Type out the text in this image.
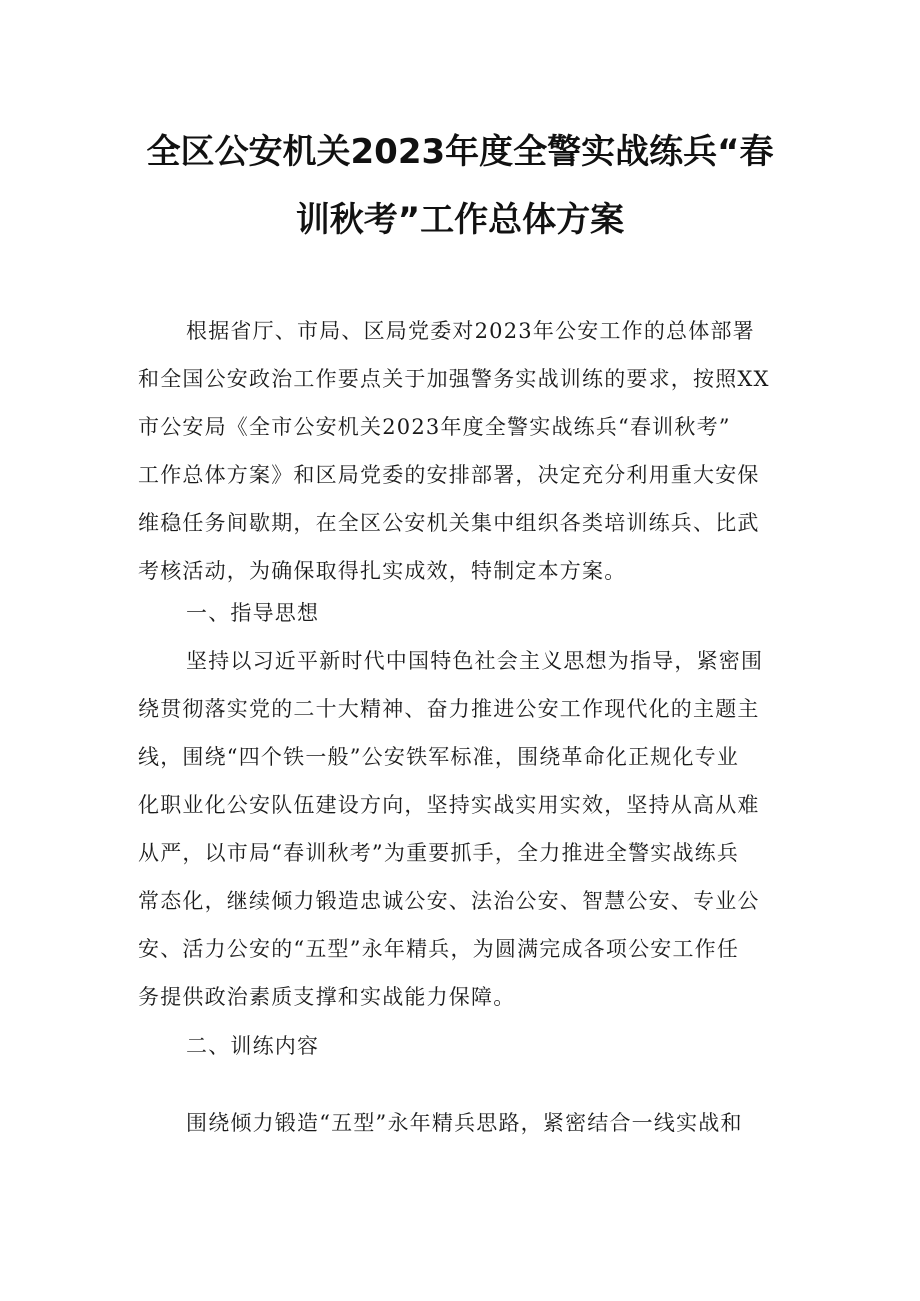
全区公安机关2023年度全警实战练兵“春
训秋考”工作总体方案
根据省厅、市局、区局党委对2023年公安工作的总体部署
和全国公安政治工作要点关于加强警务实战训练的要求，按照XX
市公安局《全市公安机关2023年度全警实战练兵“春训秋考”
工作总体方案》和区局党委的安排部署，决定充分利用重大安保
维稳任务间歇期，在全区公安机关集中组织各类培训练兵、比武
考核活动，为确保取得扎实成效，特制定本方案。
一、指导思想
坚持以习近平新时代中国特色社会主义思想为指导，紧密围
绕贯彻落实党的二十大精神、奋力推进公安工作现代化的主题主
线，围绕“四个铁一般”公安铁军标准，围绕革命化正规化专业
化职业化公安队伍建设方向，坚持实战实用实效，坚持从高从难
从严，以市局“春训秋考”为重要抓手，全力推进全警实战练兵
常态化，继续倾力锻造忠诚公安、法治公安、智慧公安、专业公
安、活力公安的“五型”永年精兵，为圆满完成各项公安工作任
务提供政治素质支撑和实战能力保障。
二、训练内容
围绕倾力锻造“五型”永年精兵思路，紧密结合一线实战和
